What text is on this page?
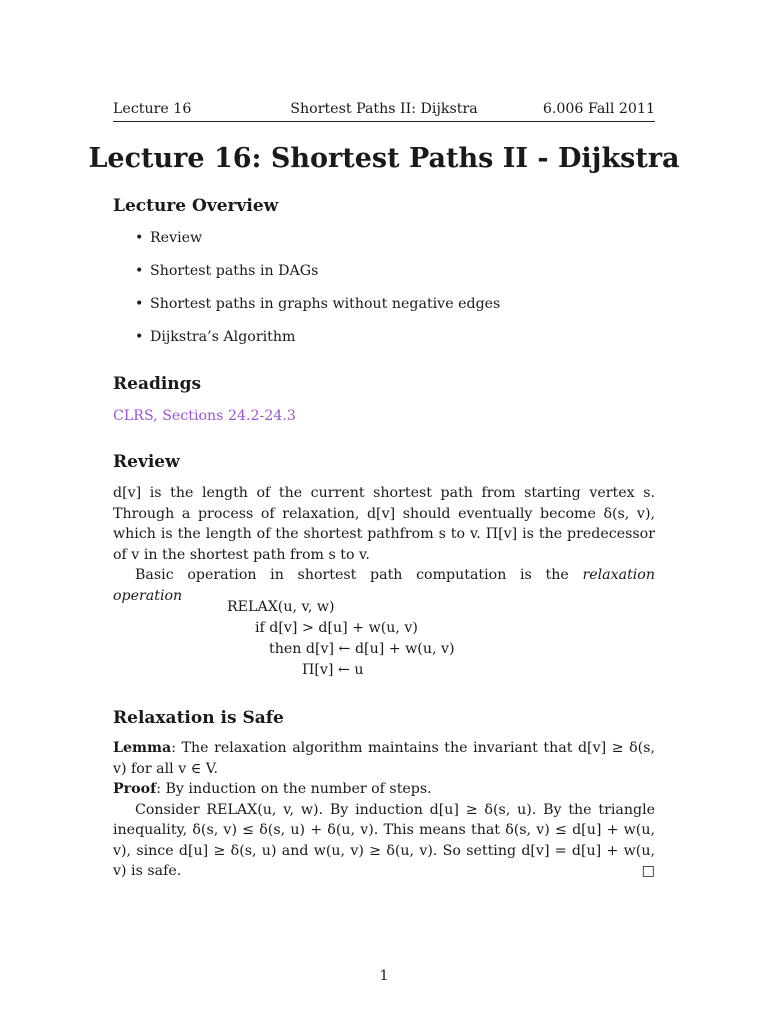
Lecture 16	Shortest Paths II: Dijkstra	6.006 Fall 2011
Lecture 16: Shortest Paths II - Dijkstra
Lecture Overview
• Review
• Shortest paths in DAGs
• Shortest paths in graphs without negative edges
• Dijkstra’s Algorithm
Readings
CLRS, Sections 24.2-24.3
Review

d[v] is the length of the current shortest path from starting vertex s. Through a process of relaxation, d[v] should eventually become δ(s, v), which is the length of the shortest pathfrom s to v. Π[v] is the predecessor of v in the shortest path from s to v.

Basic operation in shortest path computation is the relaxation operation

RELAX(u, v, w)
if d[v] > d[u] + w(u, v)
then d[v] ← d[u] + w(u, v)
Π[v] ← u
Relaxation is Safe

Lemma: The relaxation algorithm maintains the invariant that d[v] ≥ δ(s, v) for all v ∈ V.

Proof: By induction on the number of steps.

Consider RELAX(u, v, w). By induction d[u] ≥ δ(s, u). By the triangle inequality, δ(s, v) ≤ δ(s, u) + δ(u, v). This means that δ(s, v) ≤ d[u] + w(u, v), since d[u] ≥ δ(s, u) and w(u, v) ≥ δ(u, v). So setting d[v] = d[u] + w(u, v) is safe.	□

1
